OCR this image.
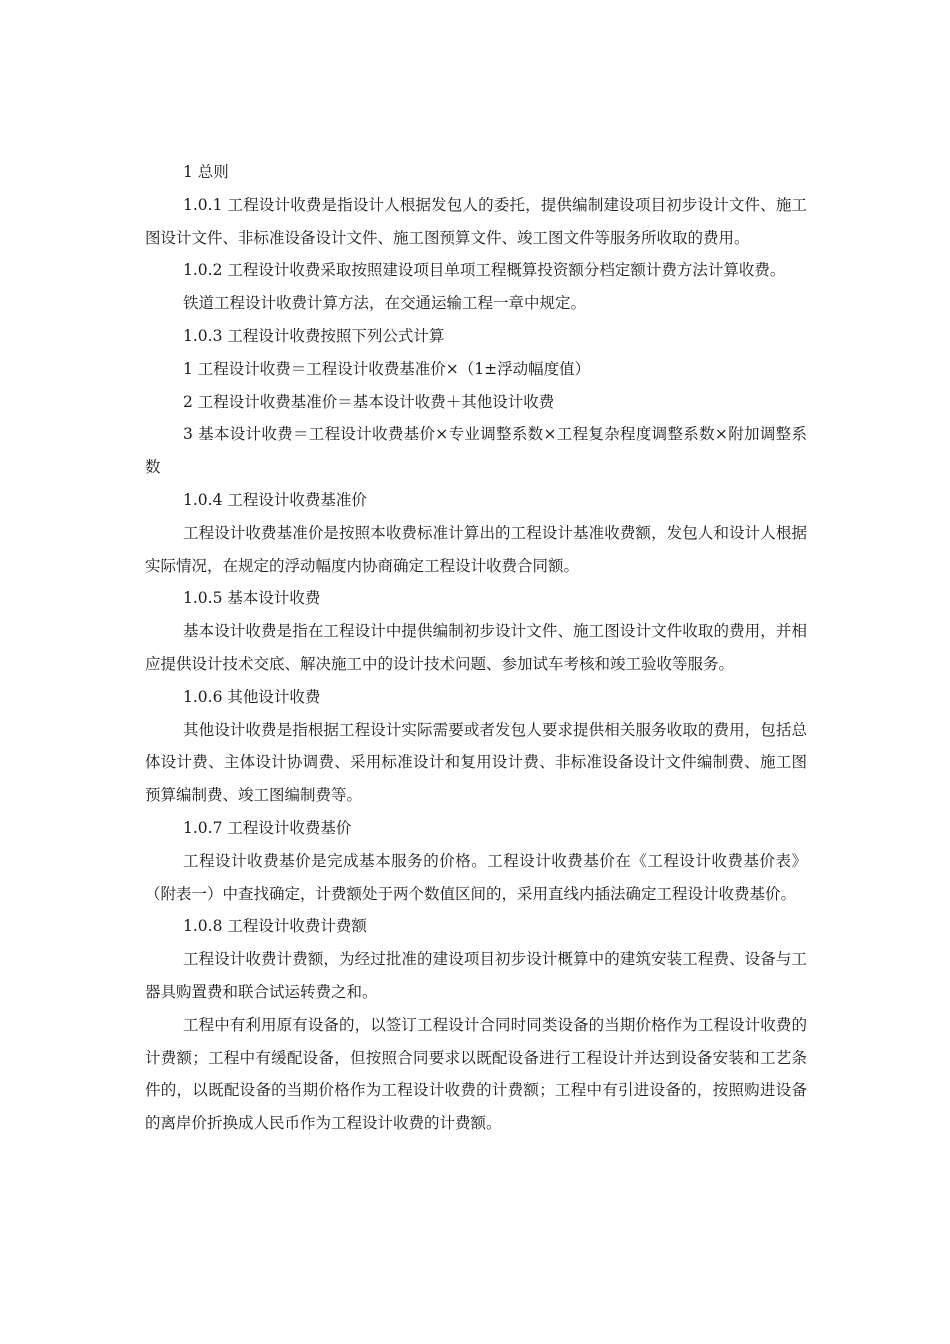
1 总则

1.0.1 工程设计收费是指设计人根据发包人的委托，提供编制建设项目初步设计文件、施工图设计文件、非标准设备设计文件、施工图预算文件、竣工图文件等服务所收取的费用。

1.0.2 工程设计收费采取按照建设项目单项工程概算投资额分档定额计费方法计算收费。

铁道工程设计收费计算方法，在交通运输工程一章中规定。

1.0.3 工程设计收费按照下列公式计算

1 工程设计收费＝工程设计收费基准价×（1±浮动幅度值）

2 工程设计收费基准价＝基本设计收费＋其他设计收费

3 基本设计收费＝工程设计收费基价×专业调整系数×工程复杂程度调整系数×附加调整系数

1.0.4 工程设计收费基准价

工程设计收费基准价是按照本收费标准计算出的工程设计基准收费额，发包人和设计人根据实际情况，在规定的浮动幅度内协商确定工程设计收费合同额。

1.0.5 基本设计收费

基本设计收费是指在工程设计中提供编制初步设计文件、施工图设计文件收取的费用，并相应提供设计技术交底、解决施工中的设计技术问题、参加试车考核和竣工验收等服务。

1.0.6 其他设计收费

其他设计收费是指根据工程设计实际需要或者发包人要求提供相关服务收取的费用，包括总体设计费、主体设计协调费、采用标准设计和复用设计费、非标准设备设计文件编制费、施工图预算编制费、竣工图编制费等。

1.0.7 工程设计收费基价

工程设计收费基价是完成基本服务的价格。工程设计收费基价在《工程设计收费基价表》（附表一）中查找确定，计费额处于两个数值区间的，采用直线内插法确定工程设计收费基价。

1.0.8 工程设计收费计费额

工程设计收费计费额，为经过批准的建设项目初步设计概算中的建筑安装工程费、设备与工器具购置费和联合试运转费之和。

工程中有利用原有设备的，以签订工程设计合同时同类设备的当期价格作为工程设计收费的计费额；工程中有缓配设备，但按照合同要求以既配设备进行工程设计并达到设备安装和工艺条件的，以既配设备的当期价格作为工程设计收费的计费额；工程中有引进设备的，按照购进设备的离岸价折换成人民币作为工程设计收费的计费额。
